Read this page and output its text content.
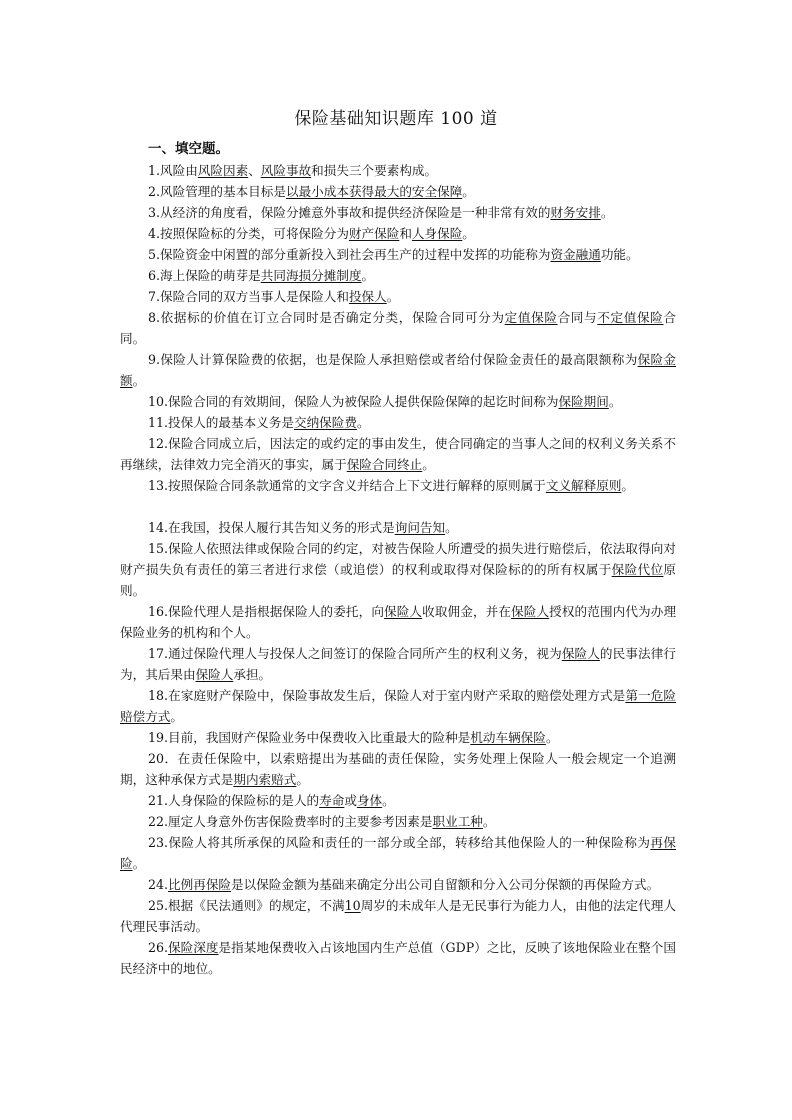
保险基础知识题库 100 道
一、填空题。

1.风险由风险因素、风险事故和损失三个要素构成。

2.风险管理的基本目标是以最小成本获得最大的安全保障。

3.从经济的角度看，保险分摊意外事故和提供经济保险是一种非常有效的财务安排。

4.按照保险标的分类，可将保险分为财产保险和人身保险。

5.保险资金中闲置的部分重新投入到社会再生产的过程中发挥的功能称为资金融通功能。

6.海上保险的萌芽是共同海损分摊制度。

7.保险合同的双方当事人是保险人和投保人。

8.依据标的价值在订立合同时是否确定分类，保险合同可分为定值保险合同与不定值保险合同。

9.保险人计算保险费的依据，也是保险人承担赔偿或者给付保险金责任的最高限额称为保险金额。

10.保险合同的有效期间，保险人为被保险人提供保险保障的起讫时间称为保险期间。

11.投保人的最基本义务是交纳保险费。

12.保险合同成立后，因法定的或约定的事由发生，使合同确定的当事人之间的权利义务关系不再继续，法律效力完全消灭的事实，属于保险合同终止。

13.按照保险合同条款通常的文字含义并结合上下文进行解释的原则属于文义解释原则。

14.在我国，投保人履行其告知义务的形式是询问告知。

15.保险人依照法律或保险合同的约定，对被告保险人所遭受的损失进行赔偿后，依法取得向对财产损失负有责任的第三者进行求偿（或追偿）的权利或取得对保险标的的所有权属于保险代位原则。

16.保险代理人是指根据保险人的委托，向保险人收取佣金，并在保险人授权的范围内代为办理保险业务的机构和个人。

17.通过保险代理人与投保人之间签订的保险合同所产生的权利义务，视为保险人的民事法律行为，其后果由保险人承担。

18.在家庭财产保险中，保险事故发生后，保险人对于室内财产采取的赔偿处理方式是第一危险赔偿方式。

19.目前，我国财产保险业务中保费收入比重最大的险种是机动车辆保险。

20．在责任保险中，以索赔提出为基础的责任保险，实务处理上保险人一般会规定一个追溯期，这种承保方式是期内索赔式。

21.人身保险的保险标的是人的寿命或身体。

22.厘定人身意外伤害保险费率时的主要参考因素是职业工种。

23.保险人将其所承保的风险和责任的一部分或全部，转移给其他保险人的一种保险称为再保险。

24.比例再保险是以保险金额为基础来确定分出公司自留额和分入公司分保额的再保险方式。

25.根据《民法通则》的规定，不满10周岁的未成年人是无民事行为能力人，由他的法定代理人代理民事活动。

26.保险深度是指某地保费收入占该地国内生产总值（GDP）之比，反映了该地保险业在整个国民经济中的地位。
